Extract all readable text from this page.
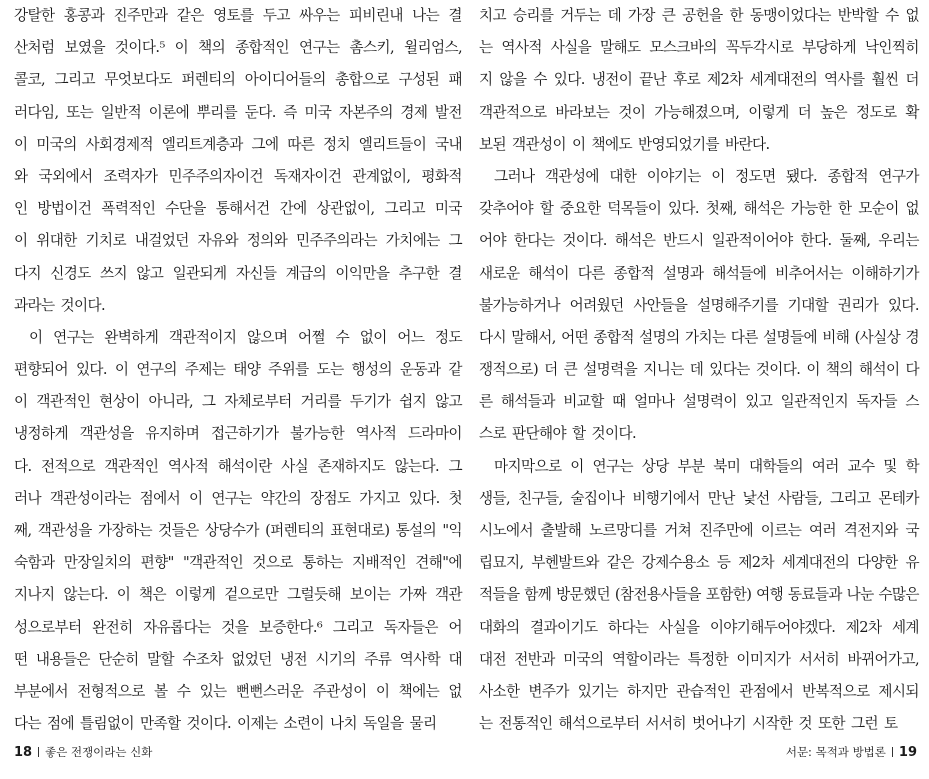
강탈한 홍콩과 진주만과 같은 영토를 두고 싸우는 피비린내 나는 결
산처럼 보였을 것이다.⁵ 이 책의 종합적인 연구는 촘스키, 윌리엄스,
콜코, 그리고 무엇보다도 퍼렌티의 아이디어들의 총합으로 구성된 패
러다임, 또는 일반적 이론에 뿌리를 둔다. 즉 미국 자본주의 경제 발전
이 미국의 사회경제적 엘리트계층과 그에 따른 정치 엘리트들이 국내
와 국외에서 조력자가 민주주의자이건 독재자이건 관계없이, 평화적
인 방법이건 폭력적인 수단을 통해서건 간에 상관없이, 그리고 미국
이 위대한 기치로 내걸었던 자유와 정의와 민주주의라는 가치에는 그
다지 신경도 쓰지 않고 일관되게 자신들 계급의 이익만을 추구한 결
과라는 것이다.
이 연구는 완벽하게 객관적이지 않으며 어쩔 수 없이 어느 정도
편향되어 있다. 이 연구의 주제는 태양 주위를 도는 행성의 운동과 같
이 객관적인 현상이 아니라, 그 자체로부터 거리를 두기가 쉽지 않고
냉정하게 객관성을 유지하며 접근하기가 불가능한 역사적 드라마이
다. 전적으로 객관적인 역사적 해석이란 사실 존재하지도 않는다. 그
러나 객관성이라는 점에서 이 연구는 약간의 장점도 가지고 있다. 첫
째, 객관성을 가장하는 것들은 상당수가 (퍼렌티의 표현대로) 통설의 "익
숙함과 만장일치의 편향" "객관적인 것으로 통하는 지배적인 견해"에
지나지 않는다. 이 책은 이렇게 겉으로만 그럴듯해 보이는 가짜 객관
성으로부터 완전히 자유롭다는 것을 보증한다.⁶ 그리고 독자들은 어
떤 내용들은 단순히 말할 수조차 없었던 냉전 시기의 주류 역사학 대
부분에서 전형적으로 볼 수 있는 뻔뻔스러운 주관성이 이 책에는 없
다는 점에 틀림없이 만족할 것이다. 이제는 소련이 나치 독일을 물리
치고 승리를 거두는 데 가장 큰 공헌을 한 동맹이었다는 반박할 수 없
는 역사적 사실을 말해도 모스크바의 꼭두각시로 부당하게 낙인찍히
지 않을 수 있다. 냉전이 끝난 후로 제2차 세계대전의 역사를 훨씬 더
객관적으로 바라보는 것이 가능해졌으며, 이렇게 더 높은 정도로 확
보된 객관성이 이 책에도 반영되었기를 바란다.
그러나 객관성에 대한 이야기는 이 정도면 됐다. 종합적 연구가
갖추어야 할 중요한 덕목들이 있다. 첫째, 해석은 가능한 한 모순이 없
어야 한다는 것이다. 해석은 반드시 일관적이어야 한다. 둘째, 우리는
새로운 해석이 다른 종합적 설명과 해석들에 비추어서는 이해하기가
불가능하거나 어려웠던 사안들을 설명해주기를 기대할 권리가 있다.
다시 말해서, 어떤 종합적 설명의 가치는 다른 설명들에 비해 (사실상 경
쟁적으로) 더 큰 설명력을 지니는 데 있다는 것이다. 이 책의 해석이 다
른 해석들과 비교할 때 얼마나 설명력이 있고 일관적인지 독자들 스
스로 판단해야 할 것이다.
마지막으로 이 연구는 상당 부분 북미 대학들의 여러 교수 및 학
생들, 친구들, 술집이나 비행기에서 만난 낯선 사람들, 그리고 몬테카
시노에서 출발해 노르망디를 거쳐 진주만에 이르는 여러 격전지와 국
립묘지, 부헨발트와 같은 강제수용소 등 제2차 세계대전의 다양한 유
적들을 함께 방문했던 (참전용사들을 포함한) 여행 동료들과 나눈 수많은
대화의 결과이기도 하다는 사실을 이야기해두어야겠다. 제2차 세계
대전 전반과 미국의 역할이라는 특정한 이미지가 서서히 바뀌어가고,
사소한 변주가 있기는 하지만 관습적인 관점에서 반복적으로 제시되
는 전통적인 해석으로부터 서서히 벗어나기 시작한 것 또한 그런 토
18 좋은 전쟁이라는 신화	서문: 목적과 방법론 19
